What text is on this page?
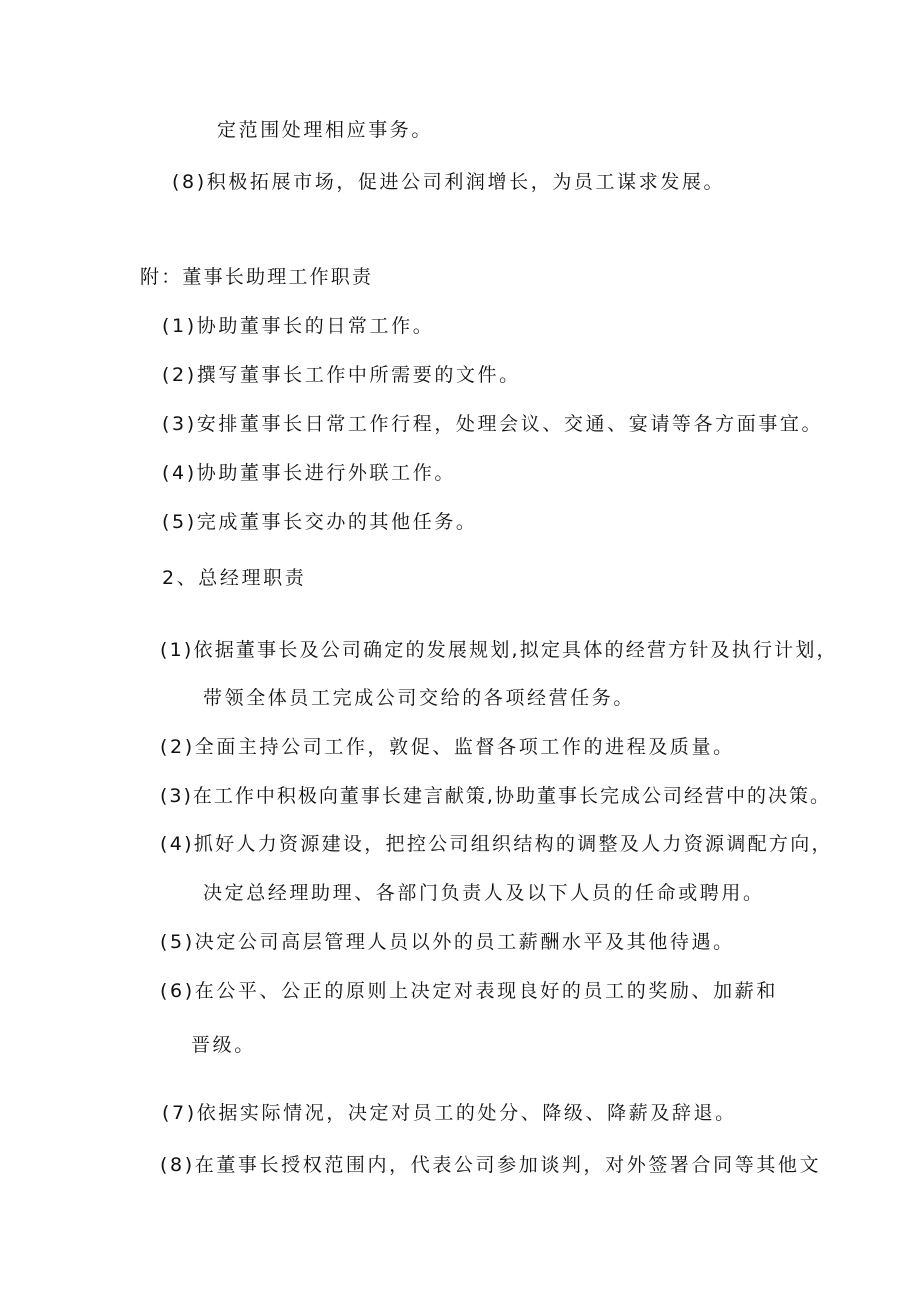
定范围处理相应事务。
(8)积极拓展市场，促进公司利润增长，为员工谋求发展。
附：董事长助理工作职责
(1)协助董事长的日常工作。
(2)撰写董事长工作中所需要的文件。
(3)安排董事长日常工作行程，处理会议、交通、宴请等各方面事宜。
(4)协助董事长进行外联工作。
(5)完成董事长交办的其他任务。
2、总经理职责
(1)依据董事长及公司确定的发展规划,拟定具体的经营方针及执行计划，
带领全体员工完成公司交给的各项经营任务。
(2)全面主持公司工作，敦促、监督各项工作的进程及质量。
(3)在工作中积极向董事长建言献策,协助董事长完成公司经营中的决策。
(4)抓好人力资源建设，把控公司组织结构的调整及人力资源调配方向，
决定总经理助理、各部门负责人及以下人员的任命或聘用。
(5)决定公司高层管理人员以外的员工薪酬水平及其他待遇。
(6)在公平、公正的原则上决定对表现良好的员工的奖励、加薪和
晋级。
(7)依据实际情况，决定对员工的处分、降级、降薪及辞退。
(8)在董事长授权范围内，代表公司参加谈判，对外签署合同等其他文
